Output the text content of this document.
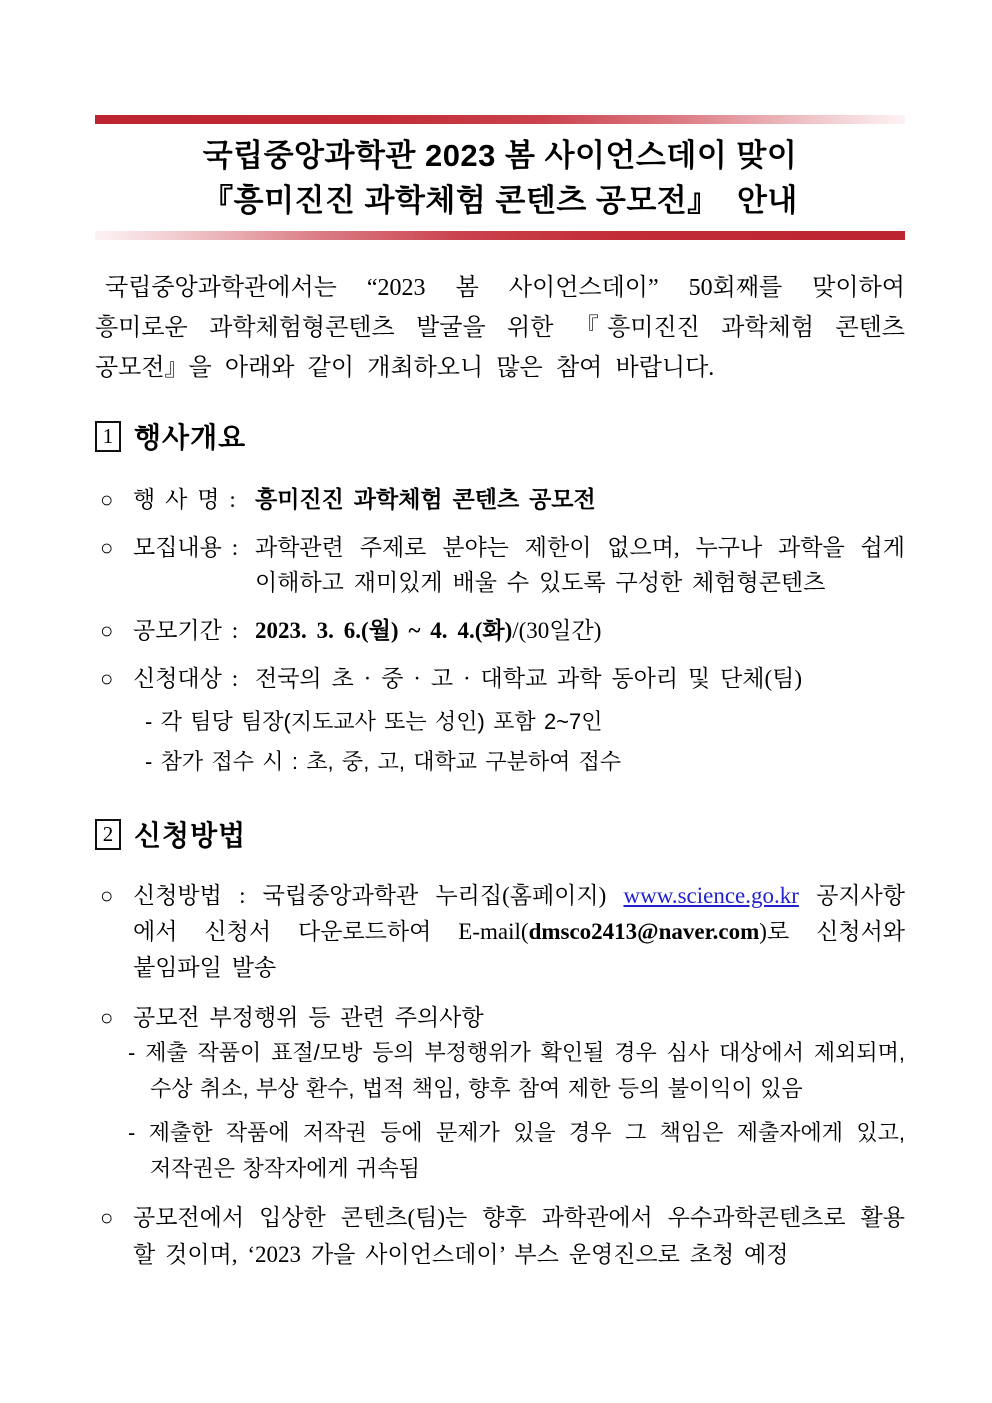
국립중앙과학관 2023 봄 사이언스데이 맞이
『흥미진진 과학체험 콘텐츠 공모전』  안내

국립중앙과학관에서는 “2023 봄 사이언스데이” 50회째를 맞이하여
흥미로운 과학체험형콘텐츠 발굴을 위한 『흥미진진 과학체험 콘텐츠
공모전』을 아래와 같이 개최하오니 많은 참여 바랍니다.

1 행사개요
○ 행 사 명 : 흥미진진 과학체험 콘텐츠 공모전
○ 모집내용 : 과학관련 주제로 분야는 제한이 없으며, 누구나 과학을 쉽게
이해하고 재미있게 배울 수 있도록 구성한 체험형콘텐츠
○ 공모기간 : 2023. 3. 6.(월) ~ 4. 4.(화)/(30일간)
○ 신청대상 : 전국의 초 · 중 · 고 · 대학교 과학 동아리 및 단체(팀)
- 각 팀당 팀장(지도교사 또는 성인) 포함 2~7인
- 참가 접수 시 : 초, 중, 고, 대학교 구분하여 접수
2 신청방법
○ 신청방법 : 국립중앙과학관 누리집(홈페이지) www.science.go.kr 공지사항
에서 신청서 다운로드하여 E-mail(dmsco2413@naver.com)로 신청서와
붙임파일 발송
○ 공모전 부정행위 등 관련 주의사항
- 제출 작품이 표절/모방 등의 부정행위가 확인될 경우 심사 대상에서 제외되며,
수상 취소, 부상 환수, 법적 책임, 향후 참여 제한 등의 불이익이 있음
- 제출한 작품에 저작권 등에 문제가 있을 경우 그 책임은 제출자에게 있고,
저작권은 창작자에게 귀속됨
○ 공모전에서 입상한 콘텐츠(팀)는 향후 과학관에서 우수과학콘텐츠로 활용
할 것이며, ‘2023 가을 사이언스데이’ 부스 운영진으로 초청 예정
